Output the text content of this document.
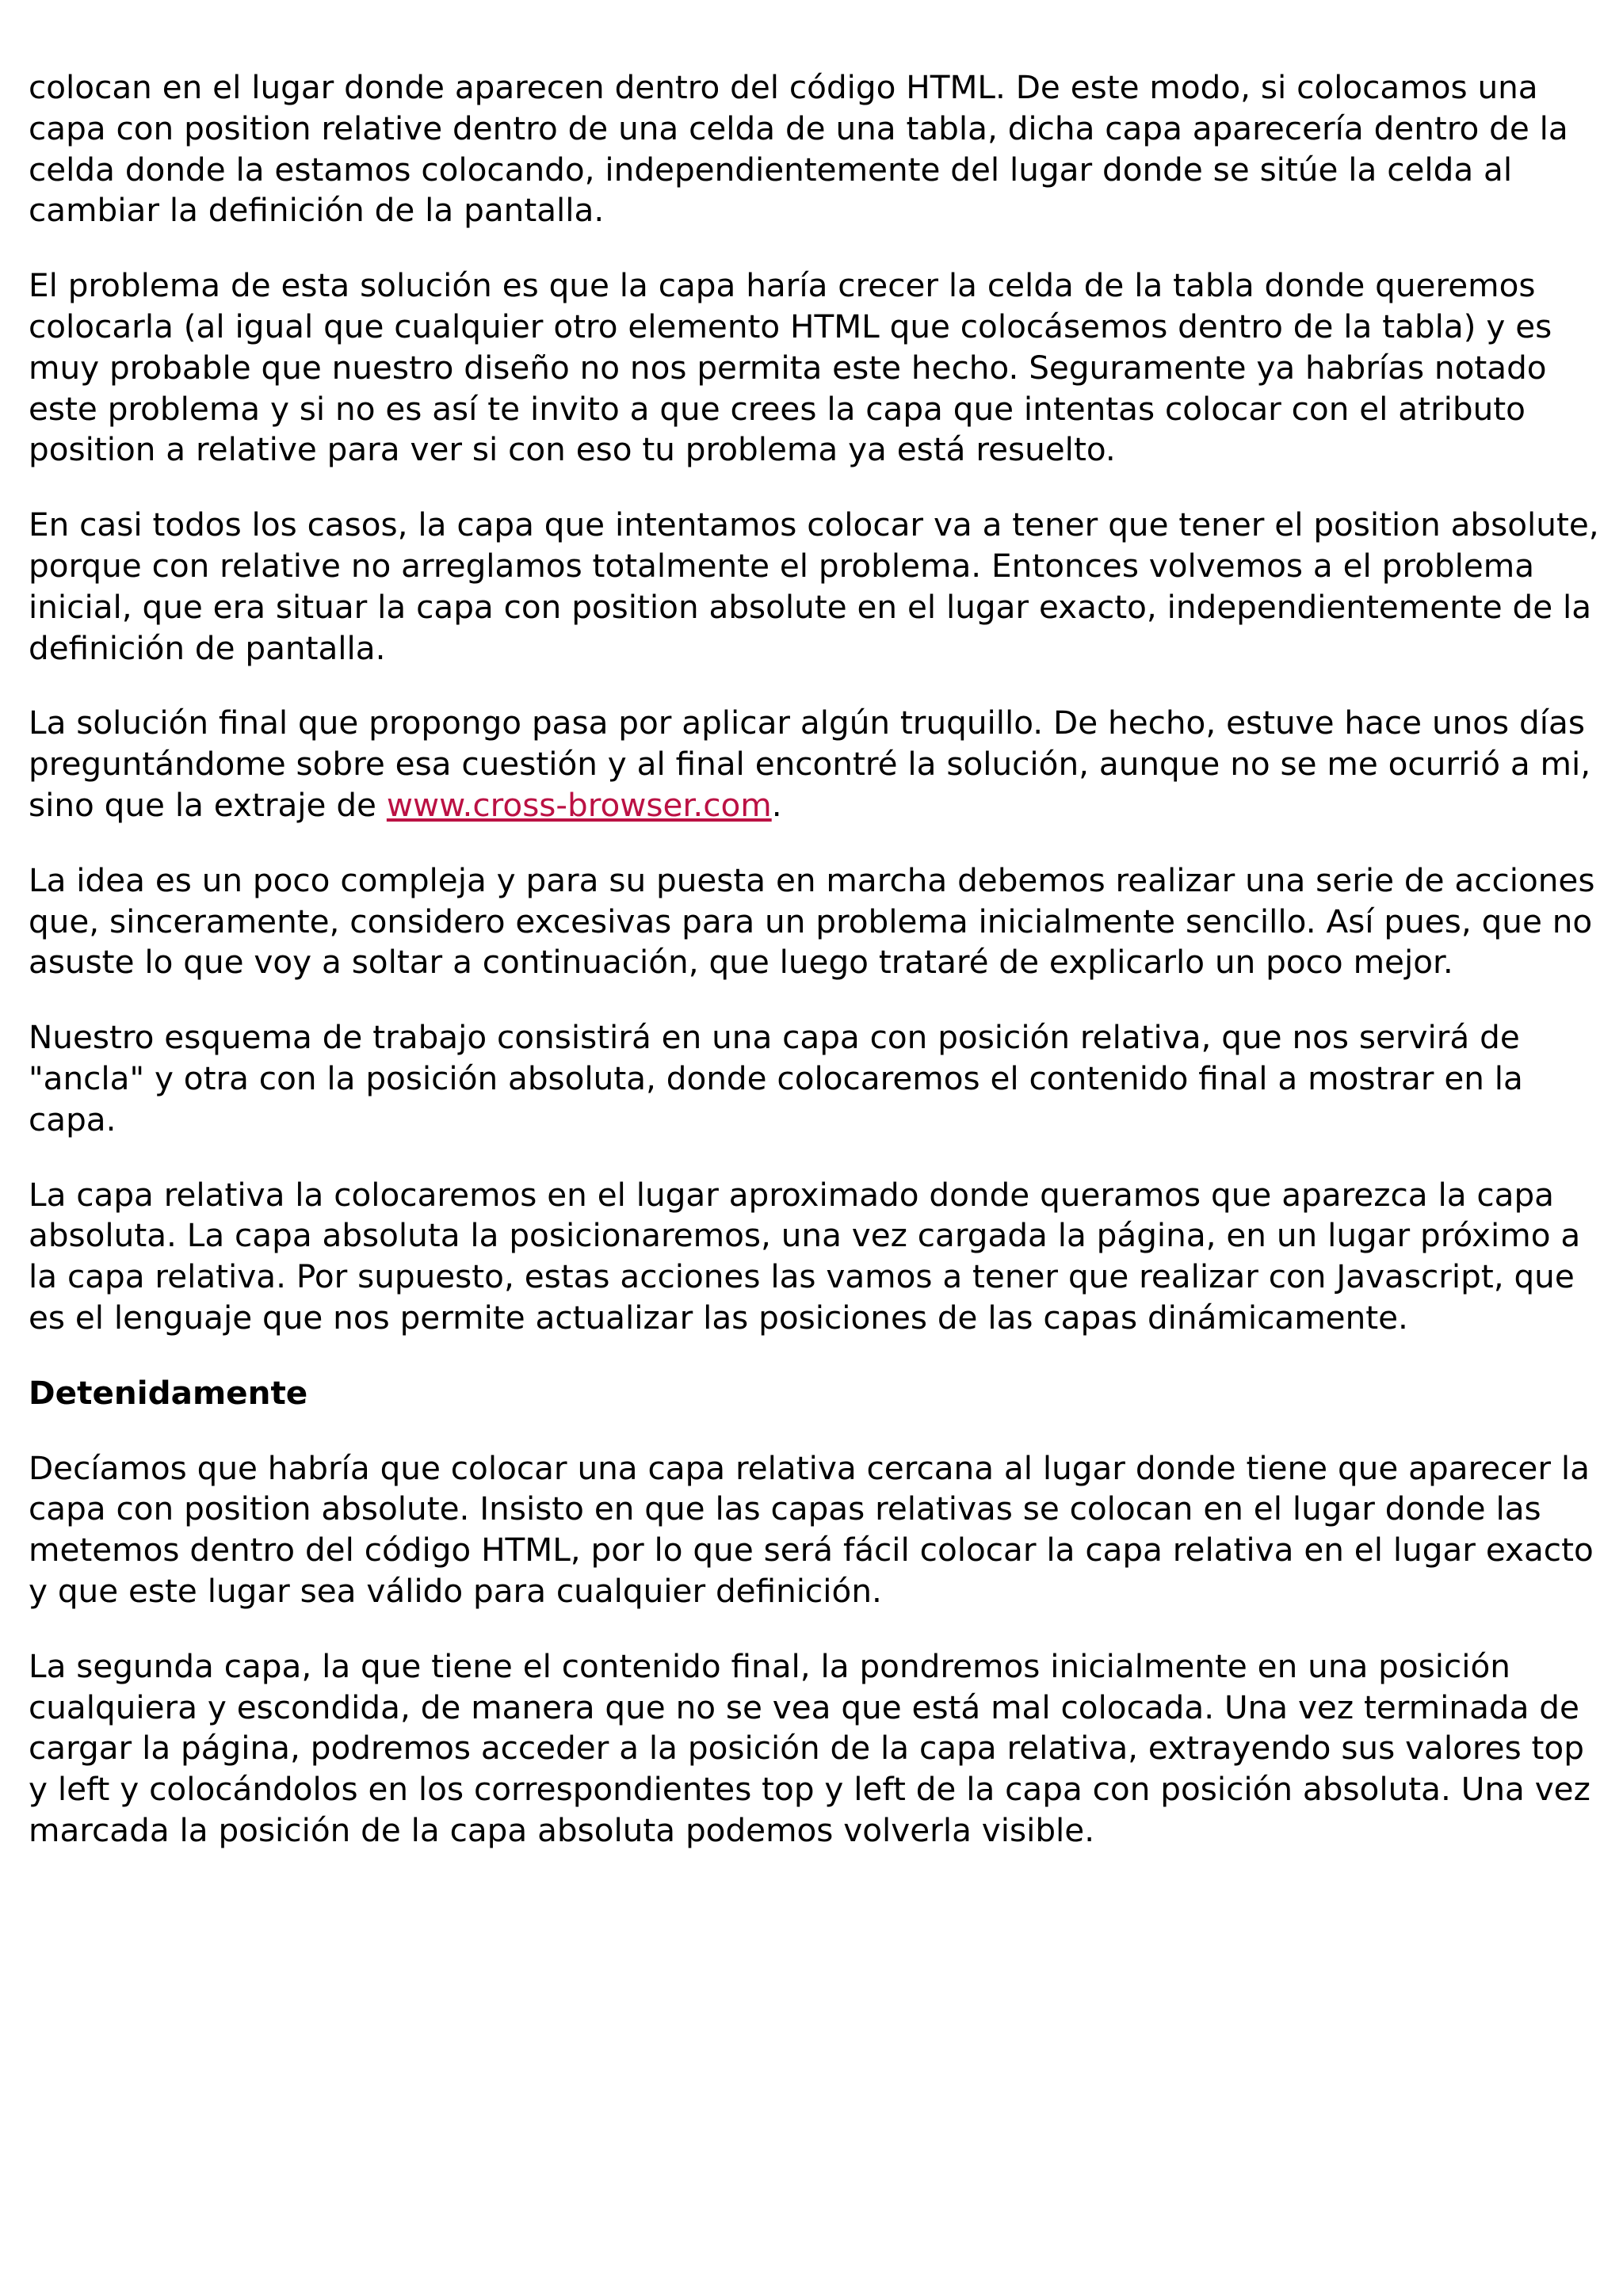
colocan en el lugar donde aparecen dentro del código HTML. De este modo, si colocamos una capa con position relative dentro de una celda de una tabla, dicha capa aparecería dentro de la celda donde la estamos colocando, independientemente del lugar donde se sitúe la celda al cambiar la definición de la pantalla.

El problema de esta solución es que la capa haría crecer la celda de la tabla donde queremos colocarla (al igual que cualquier otro elemento HTML que colocásemos dentro de la tabla) y es muy probable que nuestro diseño no nos permita este hecho. Seguramente ya habrías notado este problema y si no es así te invito a que crees la capa que intentas colocar con el atributo position a relative para ver si con eso tu problema ya está resuelto.

En casi todos los casos, la capa que intentamos colocar va a tener que tener el position absolute, porque con relative no arreglamos totalmente el problema. Entonces volvemos a el problema inicial, que era situar la capa con position absolute en el lugar exacto, independientemente de la definición de pantalla.

La solución final que propongo pasa por aplicar algún truquillo. De hecho, estuve hace unos días preguntándome sobre esa cuestión y al final encontré la solución, aunque no se me ocurrió a mi, sino que la extraje de www.cross-browser.com.

La idea es un poco compleja y para su puesta en marcha debemos realizar una serie de acciones que, sinceramente, considero excesivas para un problema inicialmente sencillo. Así pues, que no asuste lo que voy a soltar a continuación, que luego trataré de explicarlo un poco mejor.

Nuestro esquema de trabajo consistirá en una capa con posición relativa, que nos servirá de "ancla" y otra con la posición absoluta, donde colocaremos el contenido final a mostrar en la capa.

La capa relativa la colocaremos en el lugar aproximado donde queramos que aparezca la capa absoluta. La capa absoluta la posicionaremos, una vez cargada la página, en un lugar próximo a la capa relativa. Por supuesto, estas acciones las vamos a tener que realizar con Javascript, que es el lenguaje que nos permite actualizar las posiciones de las capas dinámicamente.

Detenidamente

Decíamos que habría que colocar una capa relativa cercana al lugar donde tiene que aparecer la capa con position absolute. Insisto en que las capas relativas se colocan en el lugar donde las metemos dentro del código HTML, por lo que será fácil colocar la capa relativa en el lugar exacto y que este lugar sea válido para cualquier definición.

La segunda capa, la que tiene el contenido final, la pondremos inicialmente en una posición cualquiera y escondida, de manera que no se vea que está mal colocada. Una vez terminada de cargar la página, podremos acceder a la posición de la capa relativa, extrayendo sus valores top y left y colocándolos en los correspondientes top y left de la capa con posición absoluta. Una vez marcada la posición de la capa absoluta podemos volverla visible.
